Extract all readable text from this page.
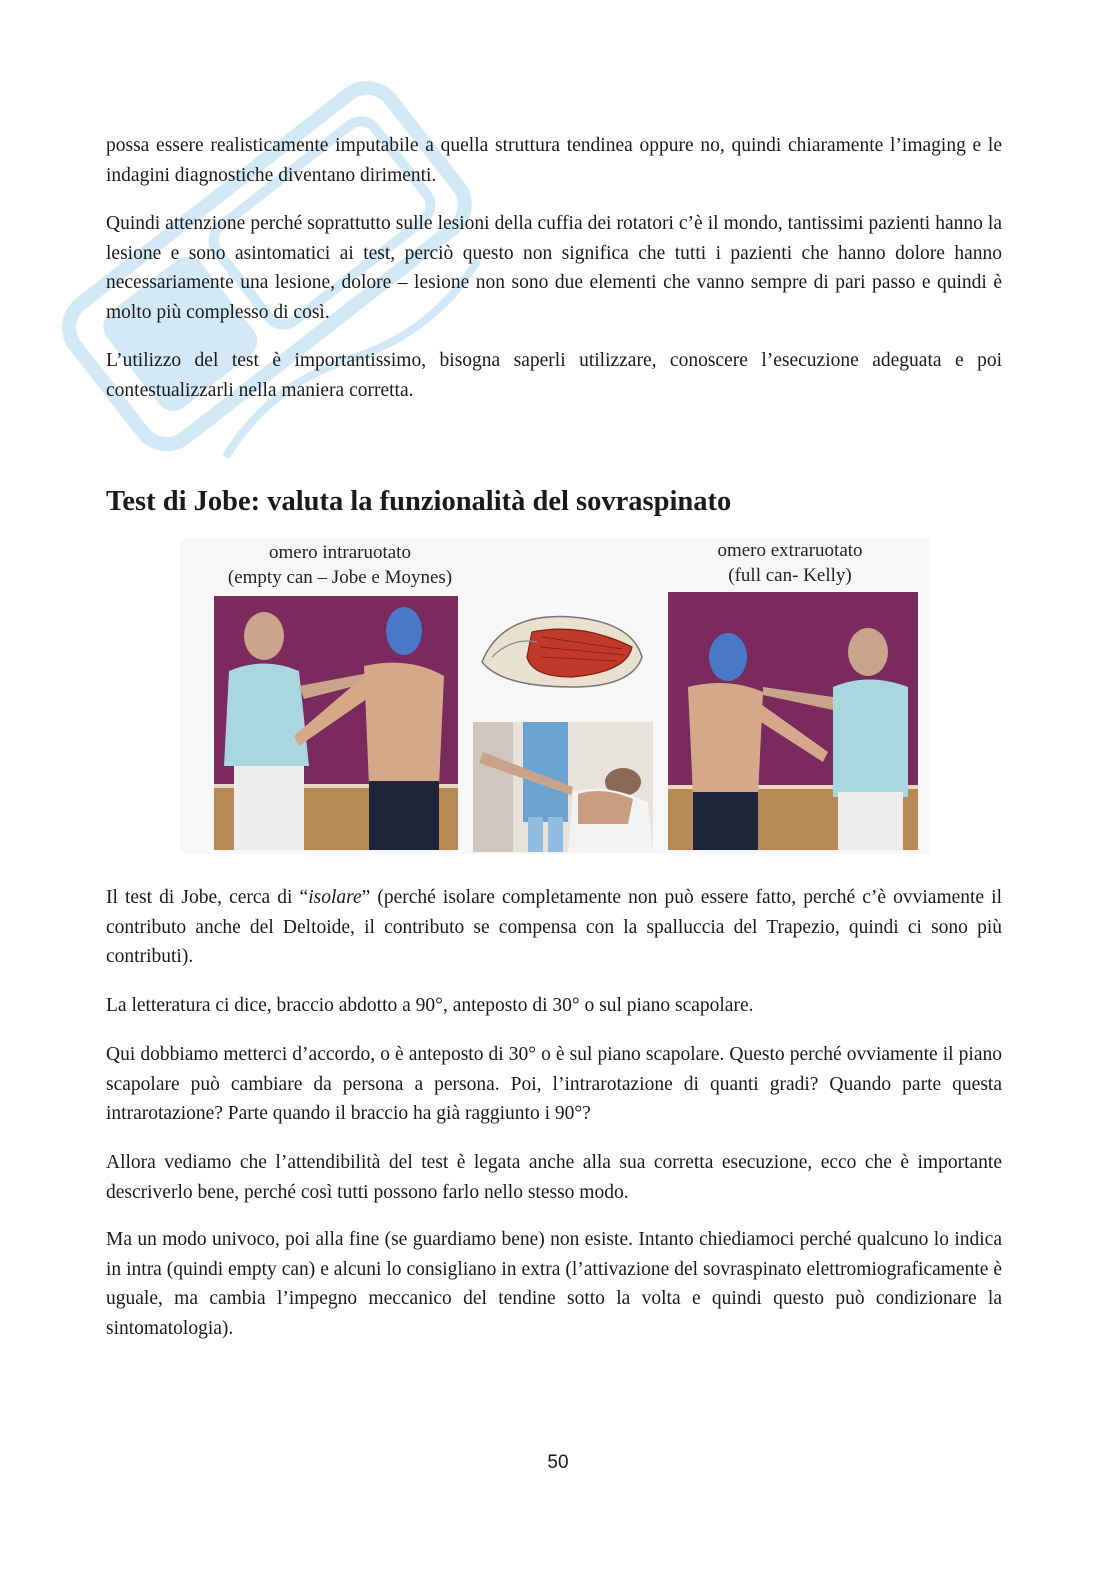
possa essere realisticamente imputabile a quella struttura tendinea oppure no, quindi chiaramente l’imaging e le indagini diagnostiche diventano dirimenti.

Quindi attenzione perché soprattutto sulle lesioni della cuffia dei rotatori c’è il mondo, tantissimi pazienti hanno la lesione e sono asintomatici ai test, perciò questo non significa che tutti i pazienti che hanno dolore hanno necessariamente una lesione, dolore – lesione non sono due elementi che vanno sempre di pari passo e quindi è molto più complesso di così.

L’utilizzo del test è importantissimo, bisogna saperli utilizzare, conoscere l’esecuzione adeguata e poi contestualizzarli nella maniera corretta.

Test di Jobe: valuta la funzionalità del sovraspinato
omero intraruotato
(empty can – Jobe e Moynes)
omero extraruotato
(full can- Kelly)

Il test di Jobe, cerca di “isolare” (perché isolare completamente non può essere fatto, perché c’è ovviamente il contributo anche del Deltoide, il contributo se compensa con la spalluccia del Trapezio, quindi ci sono più contributi).

La letteratura ci dice, braccio abdotto a 90°, anteposto di 30° o sul piano scapolare.

Qui dobbiamo metterci d’accordo, o è anteposto di 30° o è sul piano scapolare. Questo perché ovviamente il piano scapolare può cambiare da persona a persona. Poi, l’intrarotazione di quanti gradi? Quando parte questa intrarotazione? Parte quando il braccio ha già raggiunto i 90°?

Allora vediamo che l’attendibilità del test è legata anche alla sua corretta esecuzione, ecco che è importante descriverlo bene, perché così tutti possono farlo nello stesso modo.

Ma un modo univoco, poi alla fine (se guardiamo bene) non esiste. Intanto chiediamoci perché qualcuno lo indica in intra (quindi empty can) e alcuni lo consigliano in extra (l’attivazione del sovraspinato elettromiograficamente è uguale, ma cambia l’impegno meccanico del tendine sotto la volta e quindi questo può condizionare la sintomatologia).

50
